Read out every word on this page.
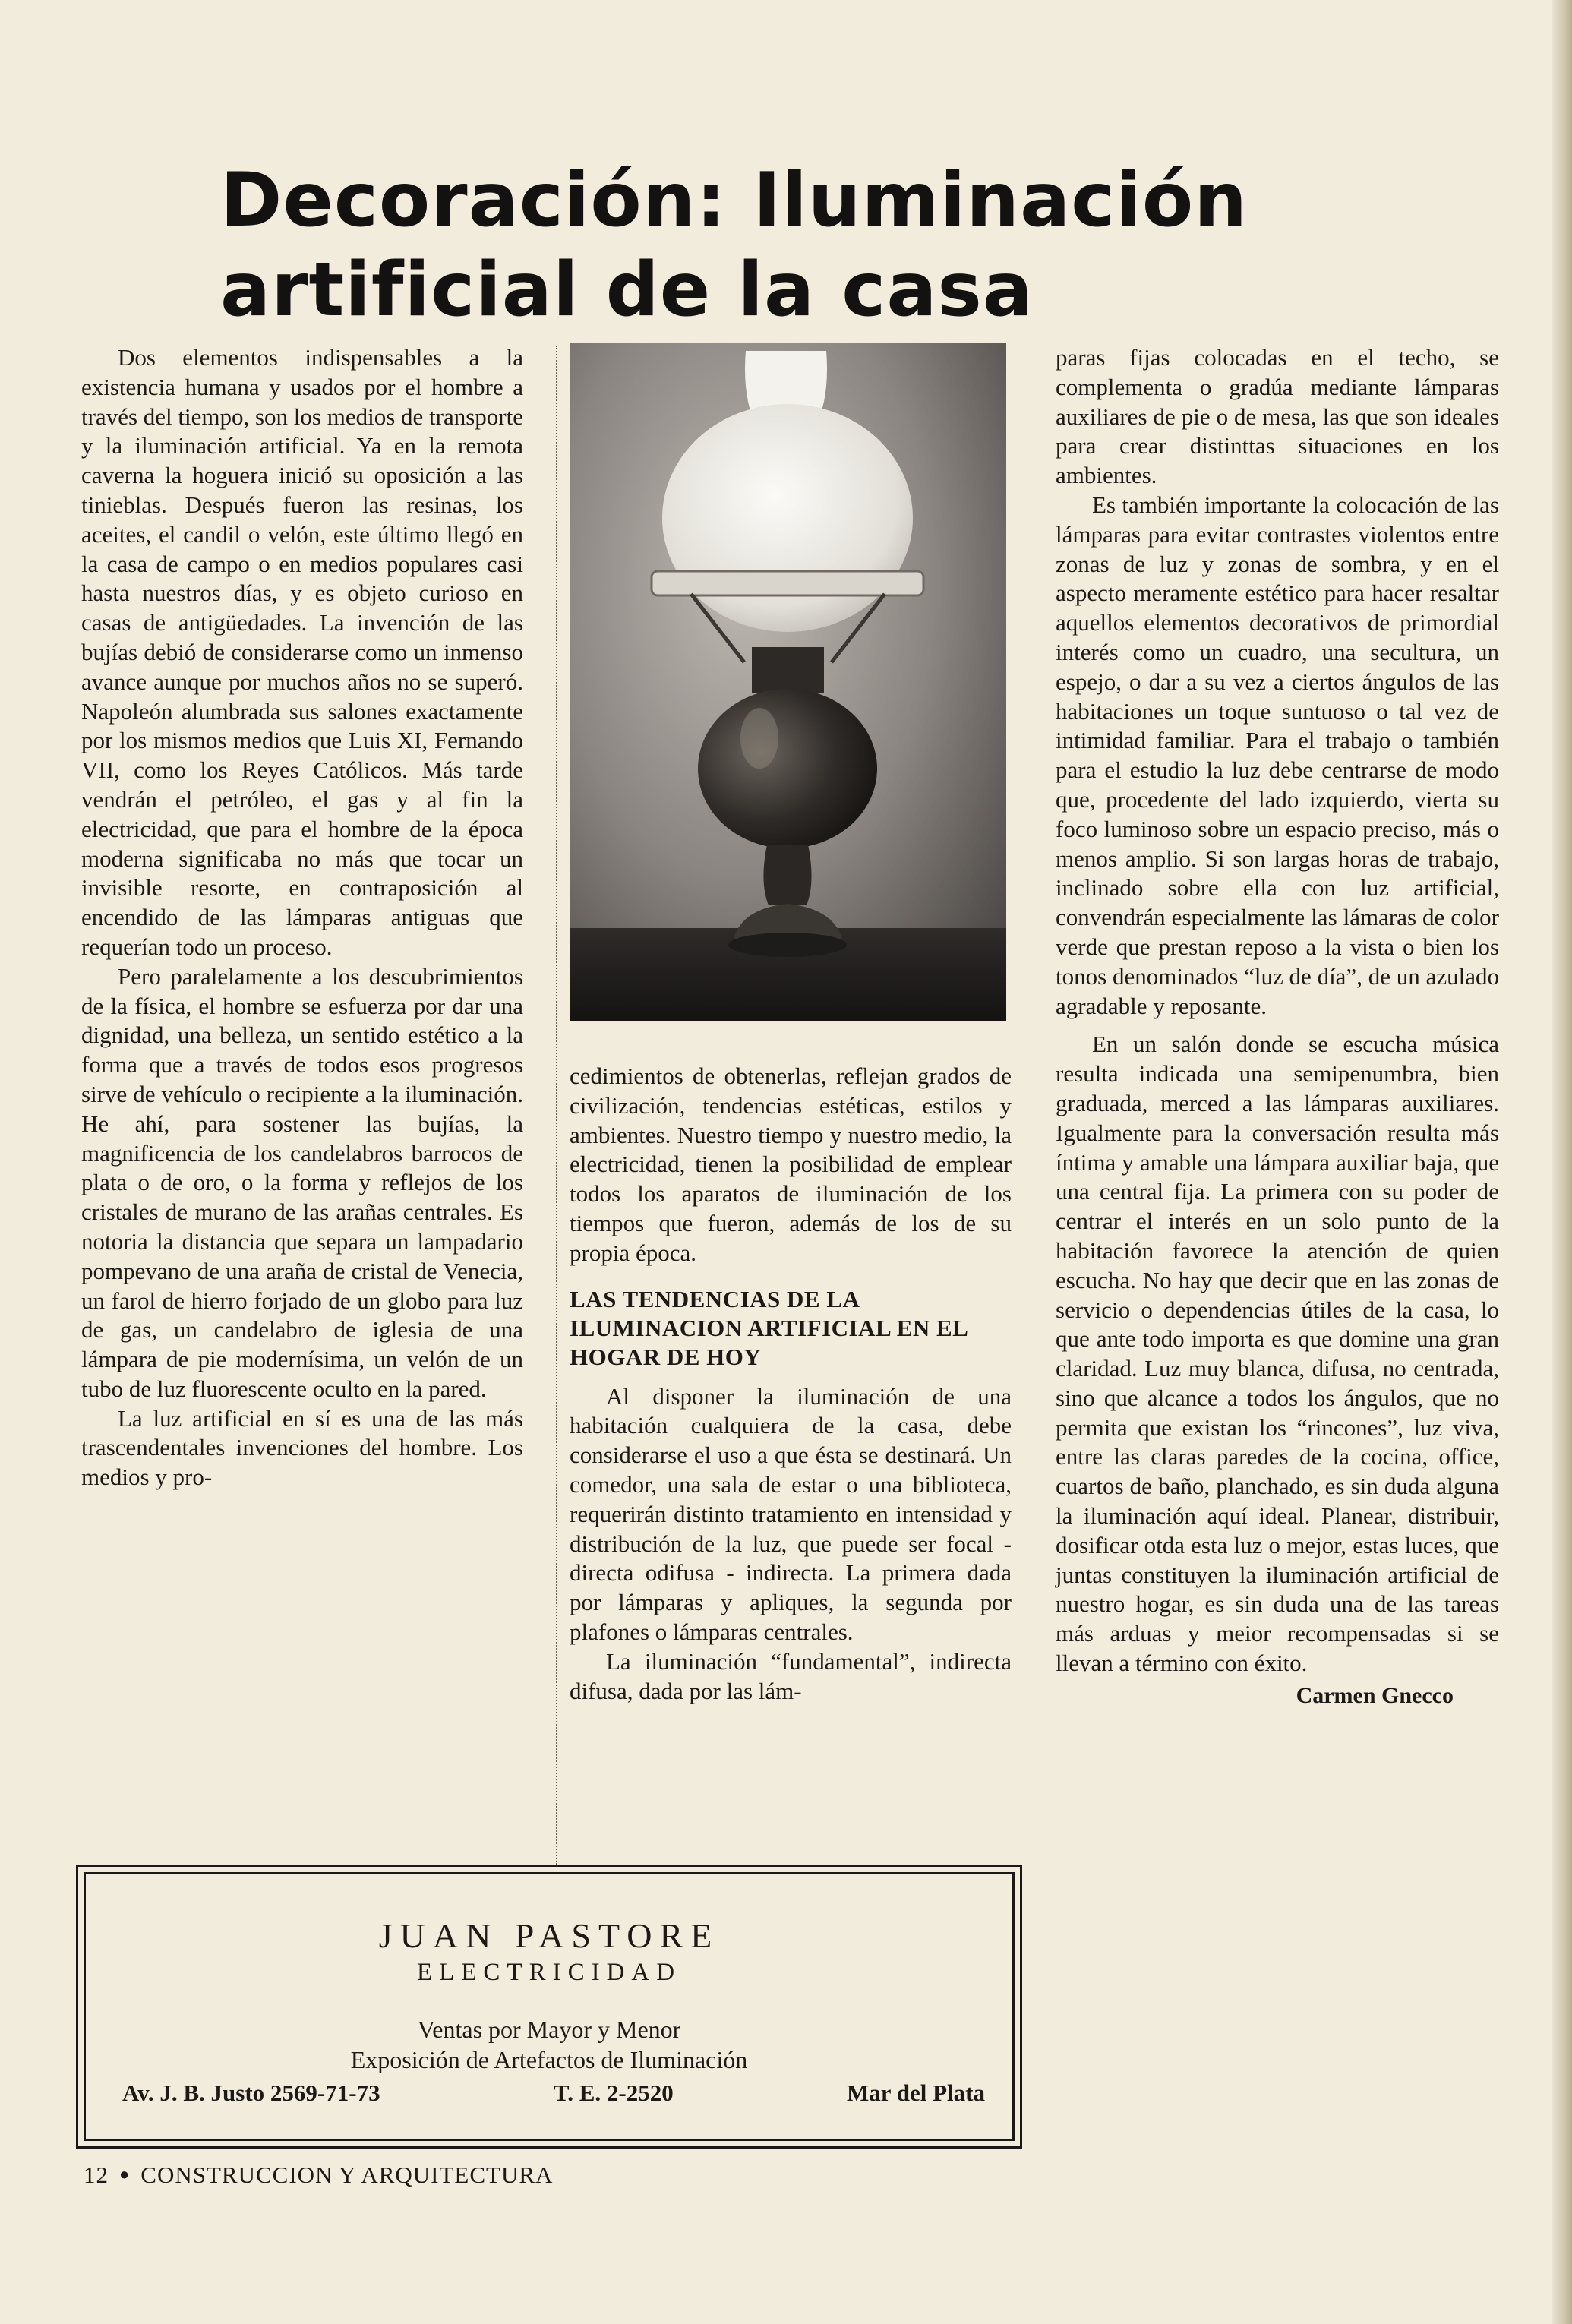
Decoración: Iluminación
artificial de la casa

Dos elementos indispensables a la existencia humana y usados por el hombre a través del tiempo, son los medios de transporte y la iluminación artificial. Ya en la remota caverna la hoguera inició su oposición a las tinieblas. Después fueron las resinas, los aceites, el candil o velón, este último llegó en la casa de campo o en medios populares casi hasta nuestros días, y es objeto curioso en casas de antigüedades. La invención de las bujías debió de considerarse como un inmenso avance aunque por muchos años no se superó. Napoleón alumbrada sus salones exactamente por los mismos medios que Luis XI, Fernando VII, como los Reyes Católicos. Más tarde vendrán el petróleo, el gas y al fin la electricidad, que para el hombre de la época moderna significaba no más que tocar un invisible resorte, en contraposición al encendido de las lámparas antiguas que requerían todo un proceso.

Pero paralelamente a los descubrimientos de la física, el hombre se esfuerza por dar una dignidad, una belleza, un sentido estético a la forma que a través de todos esos progresos sirve de vehículo o recipiente a la iluminación. He ahí, para sostener las bujías, la magnificencia de los candelabros barrocos de plata o de oro, o la forma y reflejos de los cristales de murano de las arañas centrales. Es notoria la distancia que separa un lampadario pompevano de una araña de cristal de Venecia, un farol de hierro forjado de un globo para luz de gas, un candelabro de iglesia de una lámpara de pie modernísima, un velón de un tubo de luz fluorescente oculto en la pared.

La luz artificial en sí es una de las más trascendentales invenciones del hombre. Los medios y pro-

cedimientos de obtenerlas, reflejan grados de civilización, tendencias estéticas, estilos y ambientes. Nuestro tiempo y nuestro medio, la electricidad, tienen la posibilidad de emplear todos los aparatos de iluminación de los tiempos que fueron, además de los de su propia época.

LAS TENDENCIAS DE LA ILUMINACION ARTIFICIAL EN EL HOGAR DE HOY

Al disponer la iluminación de una habitación cualquiera de la casa, debe considerarse el uso a que ésta se destinará. Un comedor, una sala de estar o una biblioteca, requerirán distinto tratamiento en intensidad y distribución de la luz, que puede ser focal - directa odifusa - indirecta. La primera dada por lámparas y apliques, la segunda por plafones o lámparas centrales.

La iluminación “fundamental”, indirecta difusa, dada por las lám-

paras fijas colocadas en el techo, se complementa o gradúa mediante lámparas auxiliares de pie o de mesa, las que son ideales para crear distinttas situaciones en los ambientes.

Es también importante la colocación de las lámparas para evitar contrastes violentos entre zonas de luz y zonas de sombra, y en el aspecto meramente estético para hacer resaltar aquellos elementos decorativos de primordial interés como un cuadro, una secultura, un espejo, o dar a su vez a ciertos ángulos de las habitaciones un toque suntuoso o tal vez de intimidad familiar. Para el trabajo o también para el estudio la luz debe centrarse de modo que, procedente del lado izquierdo, vierta su foco luminoso sobre un espacio preciso, más o menos amplio. Si son largas horas de trabajo, inclinado sobre ella con luz artificial, convendrán especialmente las lámaras de color verde que prestan reposo a la vista o bien los tonos denominados “luz de día”, de un azulado agradable y reposante.

En un salón donde se escucha música resulta indicada una semipenumbra, bien graduada, merced a las lámparas auxiliares. Igualmente para la conversación resulta más íntima y amable una lámpara auxiliar baja, que una central fija. La primera con su poder de centrar el interés en un solo punto de la habitación favorece la atención de quien escucha. No hay que decir que en las zonas de servicio o dependencias útiles de la casa, lo que ante todo importa es que domine una gran claridad. Luz muy blanca, difusa, no centrada, sino que alcance a todos los ángulos, que no permita que existan los “rincones”, luz viva, entre las claras paredes de la cocina, office, cuartos de baño, planchado, es sin duda alguna la iluminación aquí ideal. Planear, distribuir, dosificar otda esta luz o mejor, estas luces, que juntas constituyen la iluminación artificial de nuestro hogar, es sin duda una de las tareas más arduas y meior recompensadas si se llevan a término con éxito.

Carmen Gnecco
JUAN PASTORE
ELECTRICIDAD
Ventas por Mayor y Menor
Exposición de Artefactos de Iluminación
Av. J. B. Justo 2569-71-73	T. E. 2-2520	Mar del Plata
12 ● CONSTRUCCION Y ARQUITECTURA
